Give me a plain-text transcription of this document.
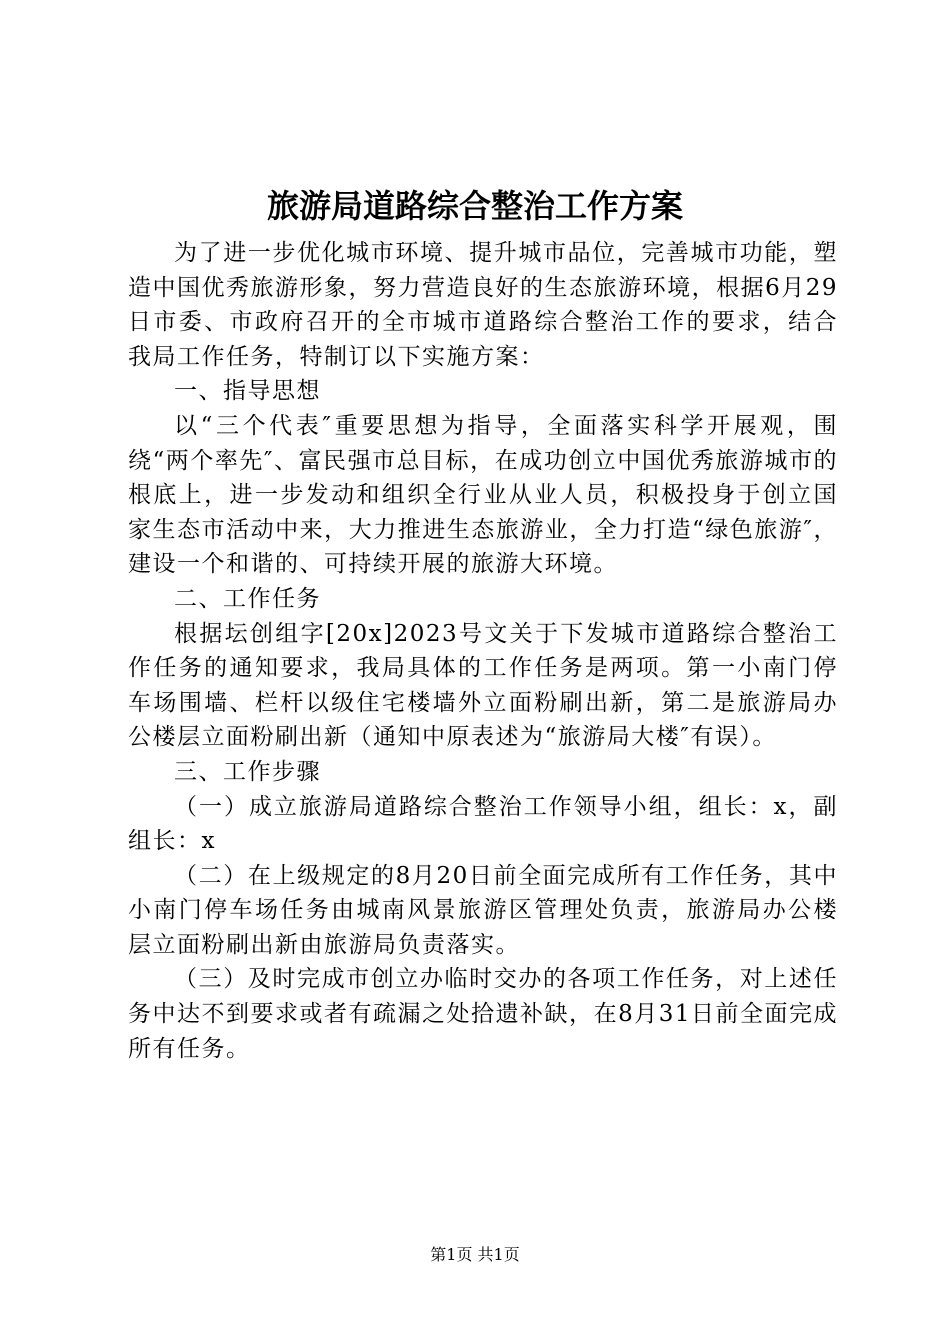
旅游局道路综合整治工作方案

为了进一步优化城市环境、提升城市品位，完善城市功能，塑造中国优秀旅游形象，努力营造良好的生态旅游环境，根据6月29日市委、市政府召开的全市城市道路综合整治工作的要求，结合我局工作任务，特制订以下实施方案：

一、指导思想

以“三个代表″重要思想为指导，全面落实科学开展观，围绕“两个率先″、富民强市总目标，在成功创立中国优秀旅游城市的根底上，进一步发动和组织全行业从业人员，积极投身于创立国家生态市活动中来，大力推进生态旅游业，全力打造“绿色旅游″，建设一个和谐的、可持续开展的旅游大环境。

二、工作任务

根据坛创组字[20x]2023号文关于下发城市道路综合整治工作任务的通知要求，我局具体的工作任务是两项。第一小南门停车场围墙、栏杆以级住宅楼墙外立面粉刷出新，第二是旅游局办公楼层立面粉刷出新（通知中原表述为“旅游局大楼″有误）。

三、工作步骤

（一）成立旅游局道路综合整治工作领导小组，组长：x，副组长：x

（二）在上级规定的8月20日前全面完成所有工作任务，其中小南门停车场任务由城南风景旅游区管理处负责，旅游局办公楼层立面粉刷出新由旅游局负责落实。

（三）及时完成市创立办临时交办的各项工作任务，对上述任务中达不到要求或者有疏漏之处拾遗补缺，在8月31日前全面完成所有任务。

第1页 共1页
